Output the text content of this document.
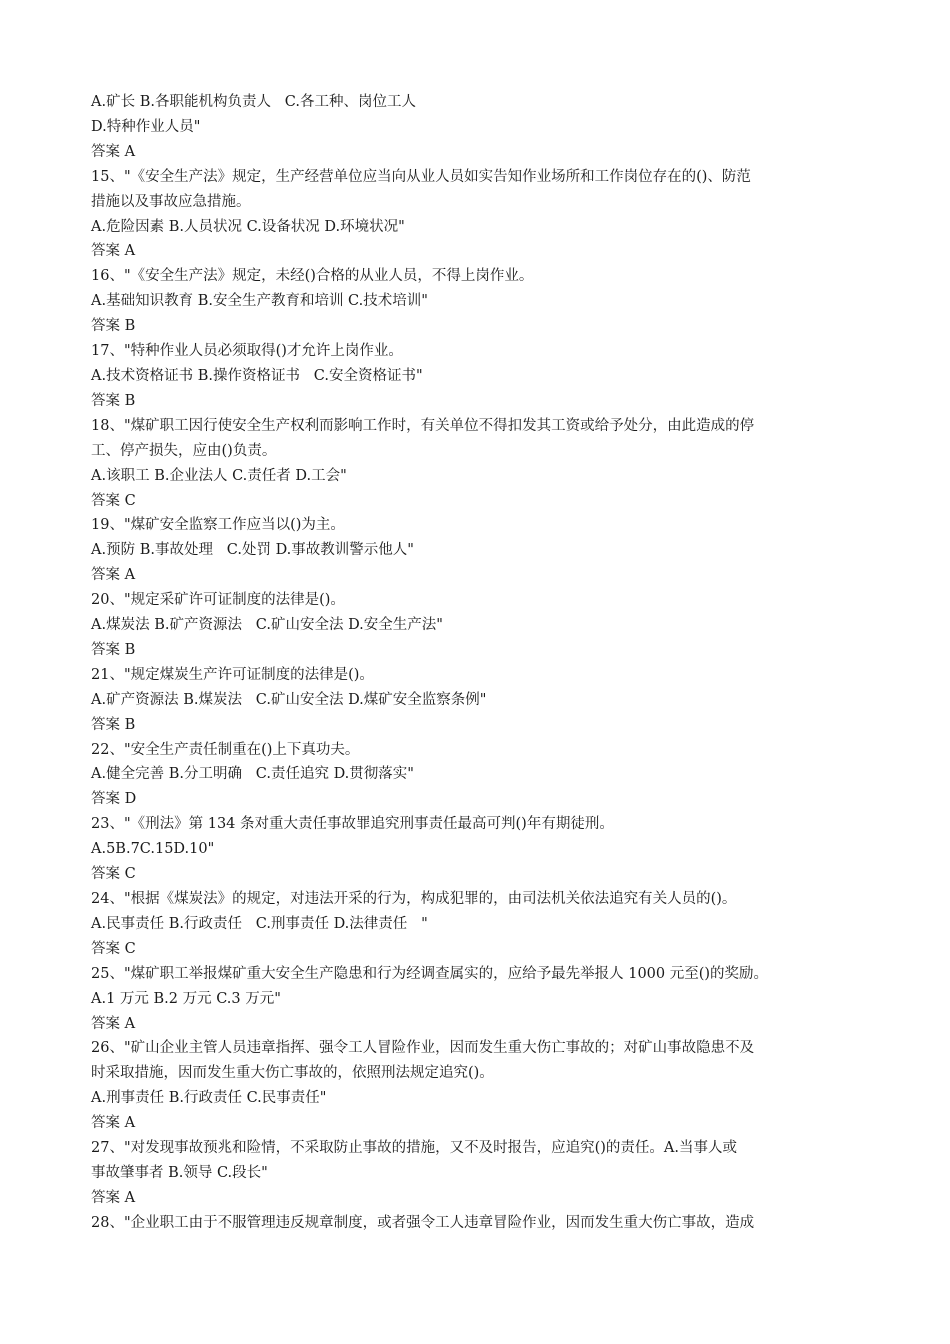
A.矿长 B.各职能机构负责人   C.各工种、岗位工人

D.特种作业人员"

答案 A

15、"《安全生产法》规定，生产经营单位应当向从业人员如实告知作业场所和工作岗位存在的()、防范

措施以及事故应急措施。

A.危险因素 B.人员状况 C.设备状况 D.环境状况"

答案 A

16、"《安全生产法》规定，未经()合格的从业人员，不得上岗作业。

A.基础知识教育 B.安全生产教育和培训 C.技术培训"

答案 B

17、"特种作业人员必须取得()才允许上岗作业。

A.技术资格证书 B.操作资格证书   C.安全资格证书"

答案 B

18、"煤矿职工因行使安全生产权利而影响工作时，有关单位不得扣发其工资或给予处分，由此造成的停

工、停产损失，应由()负责。

A.该职工 B.企业法人 C.责任者 D.工会"

答案 C

19、"煤矿安全监察工作应当以()为主。

A.预防 B.事故处理   C.处罚 D.事故教训警示他人"

答案 A

20、"规定采矿许可证制度的法律是()。

A.煤炭法 B.矿产资源法   C.矿山安全法 D.安全生产法"

答案 B

21、"规定煤炭生产许可证制度的法律是()。

A.矿产资源法 B.煤炭法   C.矿山安全法 D.煤矿安全监察条例"

答案 B

22、"安全生产责任制重在()上下真功夫。

A.健全完善 B.分工明确   C.责任追究 D.贯彻落实"

答案 D

23、"《刑法》第 134 条对重大责任事故罪追究刑事责任最高可判()年有期徒刑。

A.5B.7C.15D.10"

答案 C

24、"根据《煤炭法》的规定，对违法开采的行为，构成犯罪的，由司法机关依法追究有关人员的()。

A.民事责任 B.行政责任   C.刑事责任 D.法律责任   "

答案 C

25、"煤矿职工举报煤矿重大安全生产隐患和行为经调查属实的，应给予最先举报人 1000 元至()的奖励。

A.1 万元 B.2 万元 C.3 万元"

答案 A

26、"矿山企业主管人员违章指挥、强令工人冒险作业，因而发生重大伤亡事故的；对矿山事故隐患不及

时采取措施，因而发生重大伤亡事故的，依照刑法规定追究()。

A.刑事责任 B.行政责任 C.民事责任"

答案 A

27、"对发现事故预兆和险情，不采取防止事故的措施，又不及时报告，应追究()的责任。A.当事人或

事故肇事者 B.领导 C.段长"

答案 A

28、"企业职工由于不服管理违反规章制度，或者强令工人违章冒险作业，因而发生重大伤亡事故，造成
